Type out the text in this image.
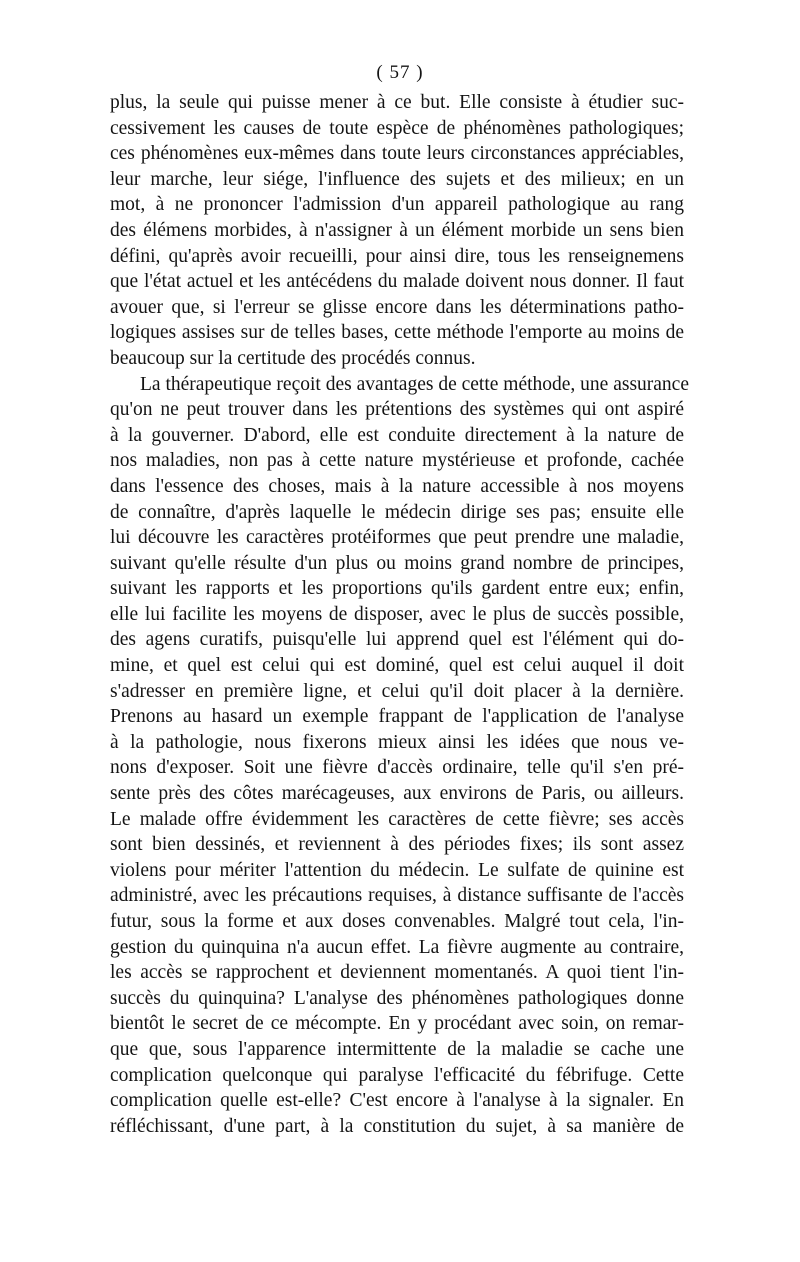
( 57 )
plus, la seule qui puisse mener à ce but. Elle consiste à étudier suc-
cessivement les causes de toute espèce de phénomènes pathologiques;
ces phénomènes eux-mêmes dans toute leurs circonstances appréciables,
leur marche, leur siége, l'influence des sujets et des milieux; en un
mot, à ne prononcer l'admission d'un appareil pathologique au rang
des élémens morbides, à n'assigner à un élément morbide un sens bien
défini, qu'après avoir recueilli, pour ainsi dire, tous les renseignemens
que l'état actuel et les antécédens du malade doivent nous donner. Il faut
avouer que, si l'erreur se glisse encore dans les déterminations patho-
logiques assises sur de telles bases, cette méthode l'emporte au moins de
beaucoup sur la certitude des procédés connus.
La thérapeutique reçoit des avantages de cette méthode, une assurance
qu'on ne peut trouver dans les prétentions des systèmes qui ont aspiré
à la gouverner. D'abord, elle est conduite directement à la nature de
nos maladies, non pas à cette nature mystérieuse et profonde, cachée
dans l'essence des choses, mais à la nature accessible à nos moyens
de connaître, d'après laquelle le médecin dirige ses pas; ensuite elle
lui découvre les caractères protéiformes que peut prendre une maladie,
suivant qu'elle résulte d'un plus ou moins grand nombre de principes,
suivant les rapports et les proportions qu'ils gardent entre eux; enfin,
elle lui facilite les moyens de disposer, avec le plus de succès possible,
des agens curatifs, puisqu'elle lui apprend quel est l'élément qui do-
mine, et quel est celui qui est dominé, quel est celui auquel il doit
s'adresser en première ligne, et celui qu'il doit placer à la dernière.
Prenons au hasard un exemple frappant de l'application de l'analyse
à la pathologie, nous fixerons mieux ainsi les idées que nous ve-
nons d'exposer. Soit une fièvre d'accès ordinaire, telle qu'il s'en pré-
sente près des côtes marécageuses, aux environs de Paris, ou ailleurs.
Le malade offre évidemment les caractères de cette fièvre; ses accès
sont bien dessinés, et reviennent à des périodes fixes; ils sont assez
violens pour mériter l'attention du médecin. Le sulfate de quinine est
administré, avec les précautions requises, à distance suffisante de l'accès
futur, sous la forme et aux doses convenables. Malgré tout cela, l'in-
gestion du quinquina n'a aucun effet. La fièvre augmente au contraire,
les accès se rapprochent et deviennent momentanés. A quoi tient l'in-
succès du quinquina? L'analyse des phénomènes pathologiques donne
bientôt le secret de ce mécompte. En y procédant avec soin, on remar-
que que, sous l'apparence intermittente de la maladie se cache une
complication quelconque qui paralyse l'efficacité du fébrifuge. Cette
complication quelle est-elle? C'est encore à l'analyse à la signaler. En
réfléchissant, d'une part, à la constitution du sujet, à sa manière de
